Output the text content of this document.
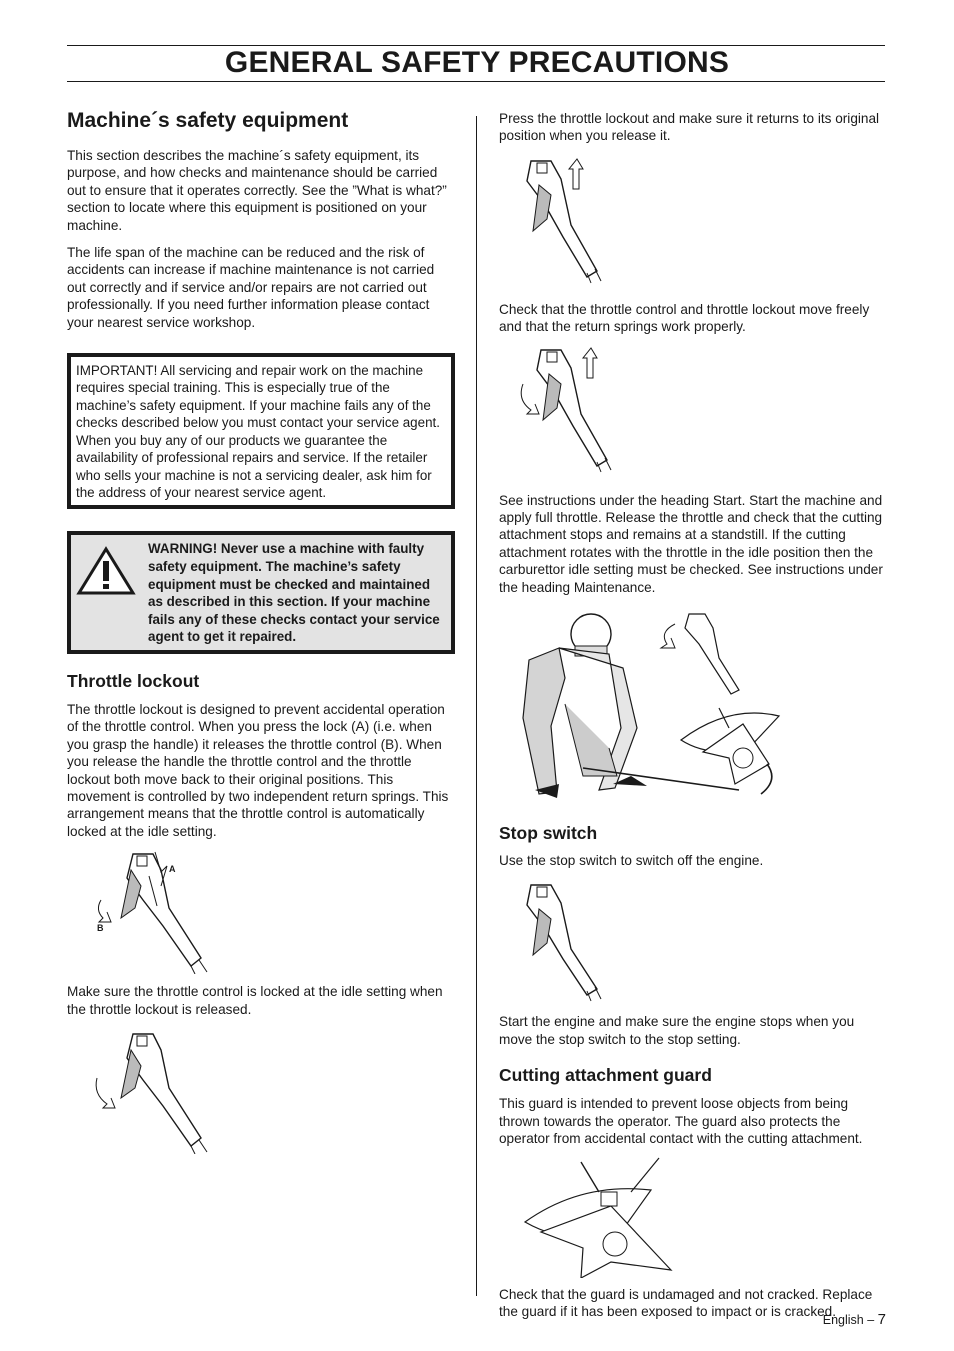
GENERAL SAFETY PRECAUTIONS
Machine´s safety equipment

This section describes the machine´s safety equipment, its purpose, and how checks and maintenance should be carried out to ensure that it operates correctly. See the ”What is what?” section to locate where this equipment is positioned on your machine.

The life span of the machine can be reduced and the risk of accidents can increase if machine maintenance is not carried out correctly and if service and/or repairs are not carried out professionally. If you need further information please contact your nearest service workshop.

IMPORTANT! All servicing and repair work on the machine requires special training. This is especially true of the machine’s safety equipment. If your machine fails any of the checks described below you must contact your service agent. When you buy any of our products we guarantee the availability of professional repairs and service. If the retailer who sells your machine is not a servicing dealer, ask him for the address of your nearest service agent.

WARNING! Never use a machine with faulty safety equipment. The machine’s safety equipment must be checked and maintained as described in this section. If your machine fails any of these checks contact your service agent to get it repaired.

Throttle lockout

The throttle lockout is designed to prevent accidental operation of the throttle control. When you press the lock (A) (i.e. when you grasp the handle) it releases the throttle control (B). When you release the handle the throttle control and the throttle lockout both move back to their original positions. This movement is controlled by two independent return springs. This arrangement means that the throttle control is automatically locked at the idle setting.

A
B

Make sure the throttle control is locked at the idle setting when the throttle lockout is released.

Press the throttle lockout and make sure it returns to its original position when you release it.

Check that the throttle control and throttle lockout move freely and that the return springs work properly.

See instructions under the heading Start. Start the machine and apply full throttle. Release the throttle and check that the cutting attachment stops and remains at a standstill. If the cutting attachment rotates with the throttle in the idle position then the carburettor idle setting must be checked. See instructions under the heading Maintenance.

Stop switch

Use the stop switch to switch off the engine.

Start the engine and make sure the engine stops when you move the stop switch to the stop setting.

Cutting attachment guard

This guard is intended to prevent loose objects from being thrown towards the operator. The guard also protects the operator from accidental contact with the cutting attachment.

Check that the guard is undamaged and not cracked. Replace the guard if it has been exposed to impact or is cracked.

English – 7
